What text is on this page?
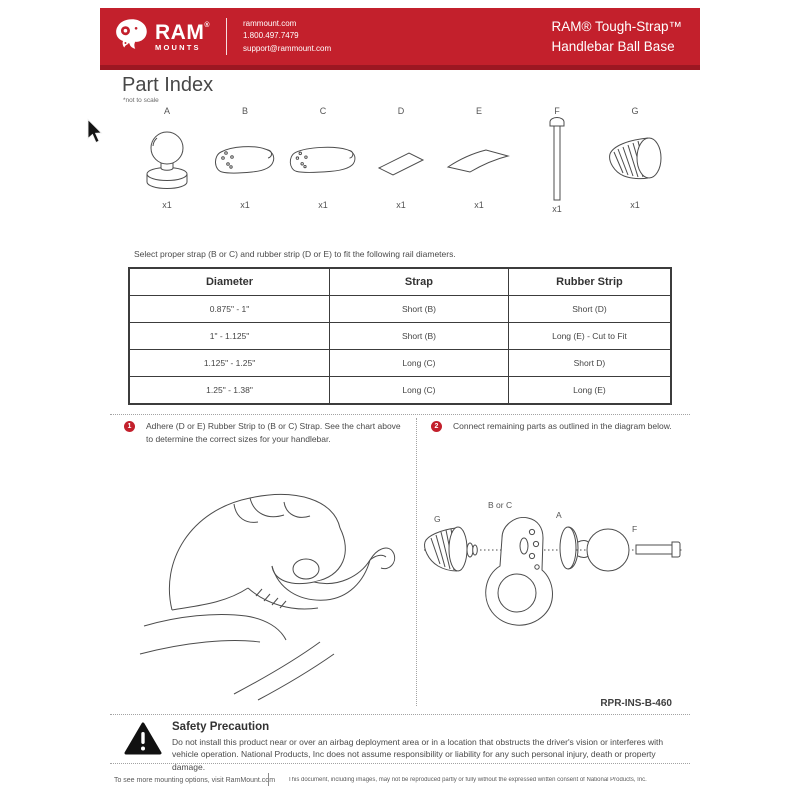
RAM®
MOUNTS
rammount.com
1.800.497.7479
support@rammount.com
RAM® Tough-Strap™
Handlebar Ball Base
Part Index
*not to scale
A
x1
B
x1
C
x1
D
x1
E
x1
F
x1
G
x1
Select proper strap (B or C) and rubber strip (D or E) to fit the following rail diameters.
Diameter	Strap	Rubber Strip
0.875" - 1"	Short (B)	Short (D)
1" - 1.125"	Short (B)	Long (E) - Cut to Fit
1.125" - 1.25"	Long (C)	Short D)
1.25" - 1.38"	Long (C)	Long (E)
1	Adhere (D or E) Rubber Strip to (B or C) Strap. See the chart above to determine the correct sizes for your handlebar.
2	Connect remaining parts as outlined in the diagram below.
G
B or C
A
F
RPR-INS-B-460
Safety Precaution
Do not install this product near or over an airbag deployment area or in a location that obstructs the driver's vision or interferes with vehicle operation. National Products, Inc does not assume responsibility or liability for any such personal injury, death or property damage.
To see more mounting options, visit RamMount.com	This document, including images, may not be reproduced partly or fully without the expressed written consent of National Products, Inc.
